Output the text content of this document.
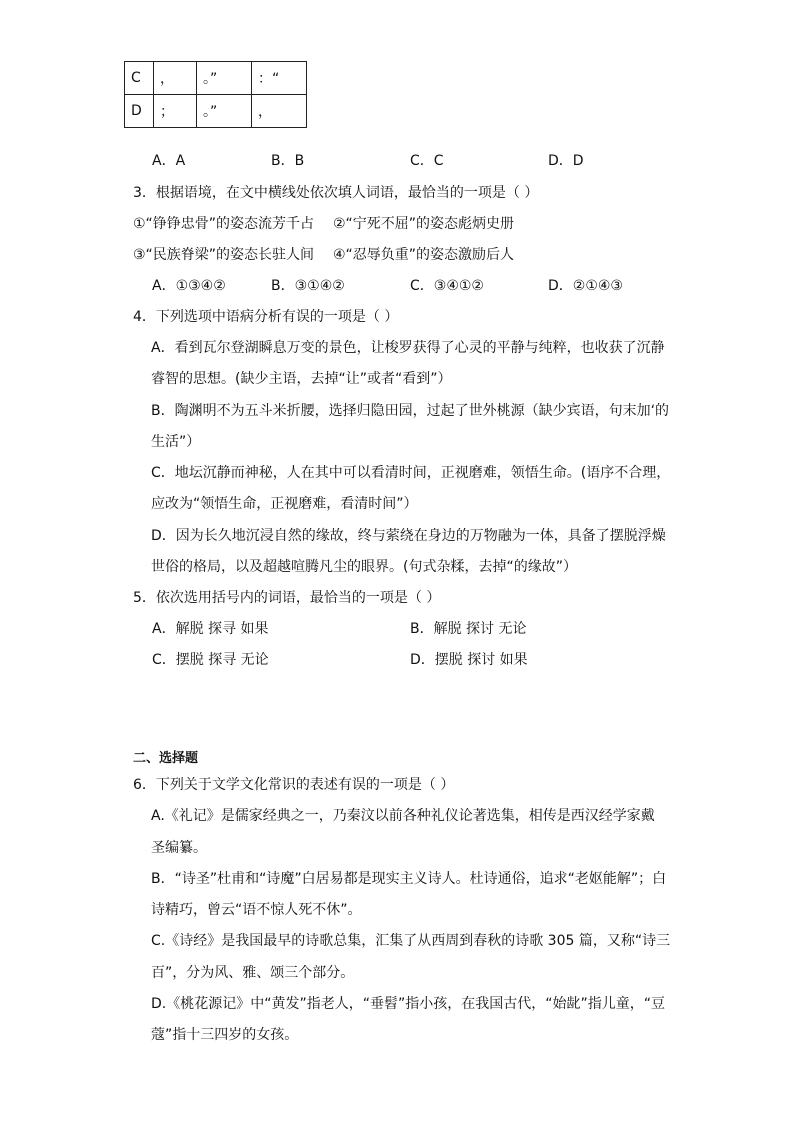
C	，	。”	：“
D	；	。”	，
A．A	B．B	C．C	D．D
3．根据语境，在文中横线处依次填人词语，最恰当的一项是（ ）
①“铮铮忠骨”的姿态流芳千占 ②“宁死不屈”的姿态彪炳史册
③“民族脊梁”的姿态长驻人间 ④“忍辱负重”的姿态激励后人
A．①③④②	B．③①④②	C．③④①②	D．②①④③
4．下列选项中语病分析有误的一项是（ ）
A．看到瓦尔登湖瞬息万变的景色，让梭罗获得了心灵的平静与纯粹，也收获了沉静
睿智的思想。(缺少主语，去掉“让”或者“看到”）
B．陶渊明不为五斗米折腰，选择归隐田园，过起了世外桃源（缺少宾语，句末加‘的
生活”）
C．地坛沉静而神秘，人在其中可以看清时间，正视磨难，领悟生命。(语序不合理，
应改为“领悟生命，正视磨难，看清时间”）
D．因为长久地沉浸自然的缘故，终与萦绕在身边的万物融为一体，具备了摆脱浮燥
世俗的格局，以及超越喧腾凡尘的眼界。(句式杂糅，去掉“的缘故”）
5．依次选用括号内的词语，最恰当的一项是（ ）
A．解脱 探寻 如果	B．解脱 探讨 无论
C．摆脱 探寻 无论	D．摆脱 探讨 如果
二、选择题
6．下列关于文学文化常识的表述有误的一项是（ ）
A.《礼记》是儒家经典之一，乃秦汶以前各种礼仪论著选集，相传是西汉经学家戴
圣编纂。
B．“诗圣”杜甫和“诗魔”白居易都是现实主义诗人。杜诗通俗，追求“老妪能解”；白
诗精巧，曾云“语不惊人死不休”。
C.《诗经》是我国最早的诗歌总集，汇集了从西周到春秋的诗歌 305 篇，又称“诗三
百”，分为风、雅、颂三个部分。
D.《桃花源记》中“黄发”指老人，“垂髫”指小孩，在我国古代，“始龀”指儿童，“豆
蔻”指十三四岁的女孩。
